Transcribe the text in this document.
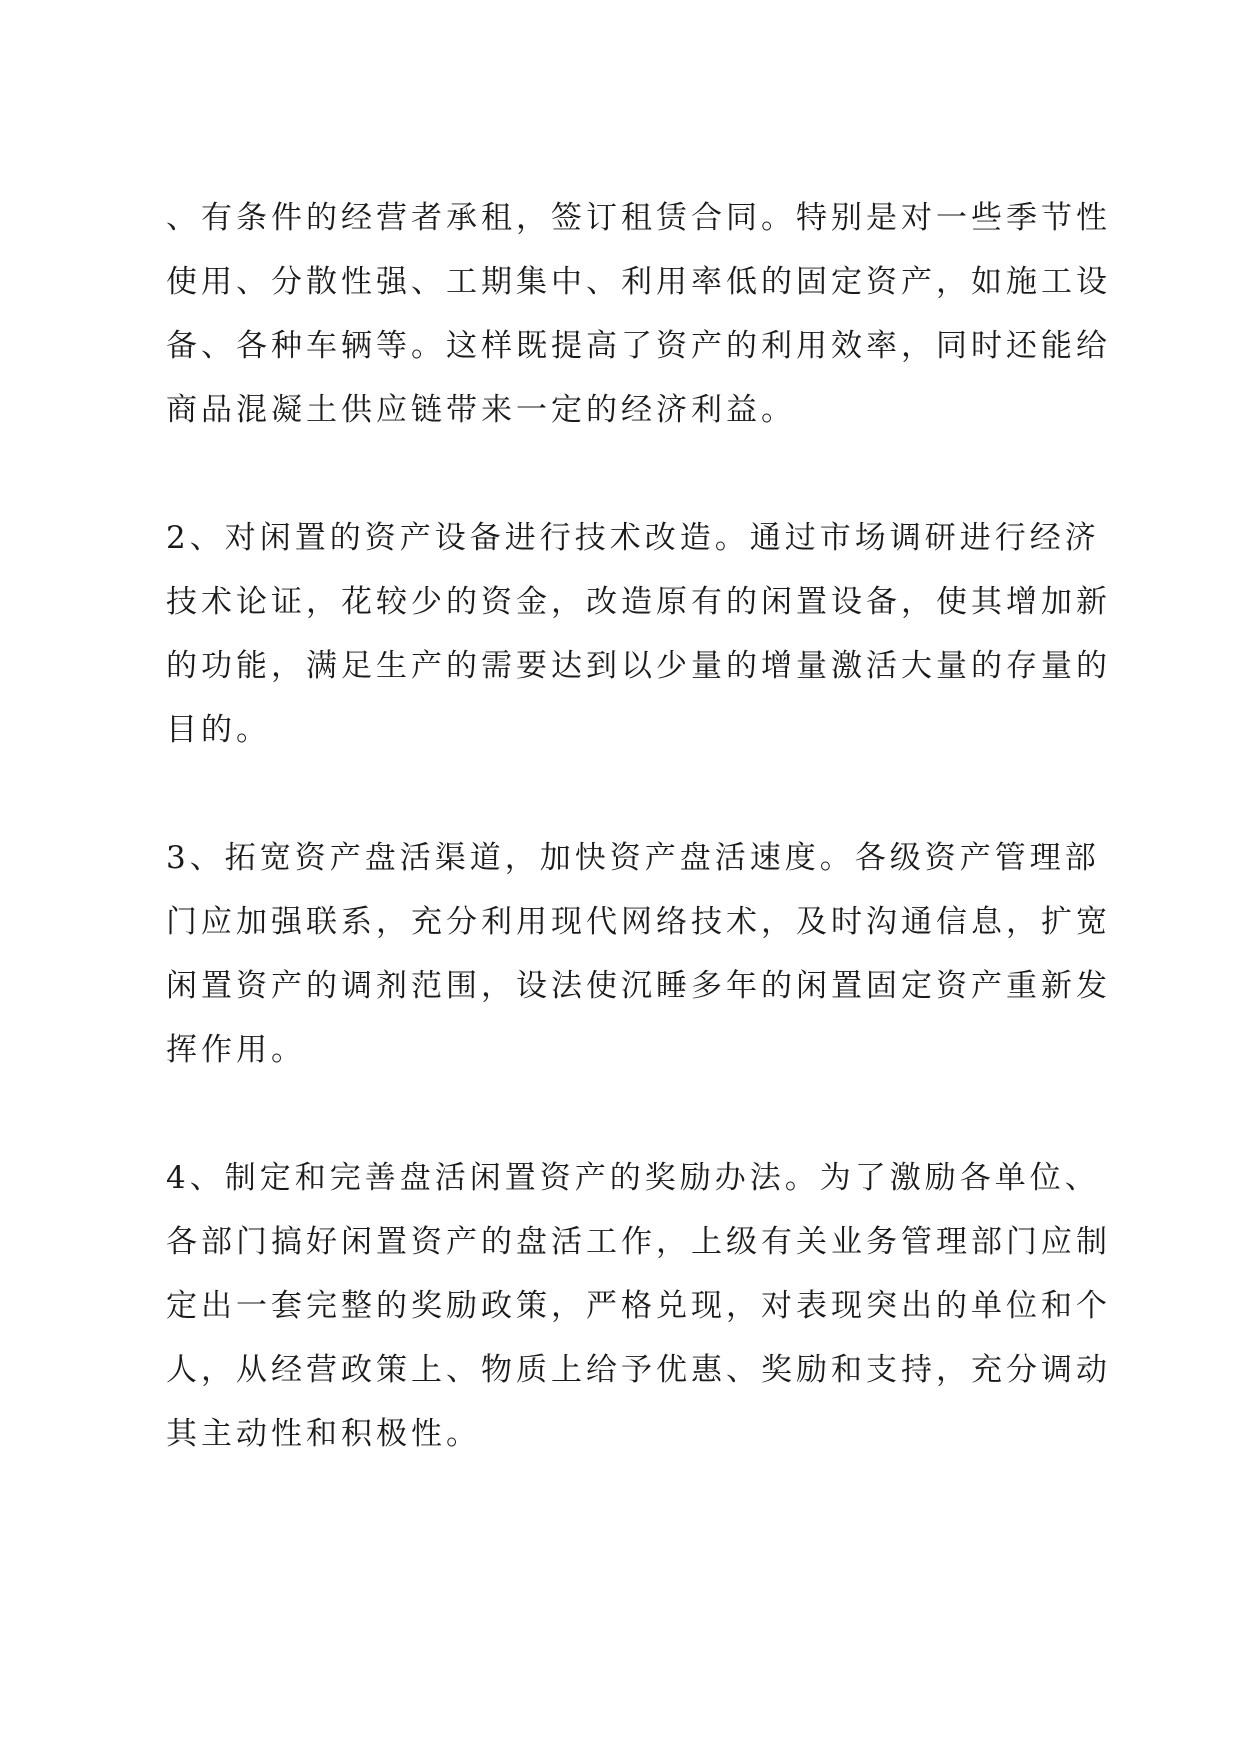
、有条件的经营者承租，签订租赁合同。特别是对一些季节性
使用、分散性强、工期集中、利用率低的固定资产，如施工设
备、各种车辆等。这样既提高了资产的利用效率，同时还能给
商品混凝土供应链带来一定的经济利益。
2、对闲置的资产设备进行技术改造。通过市场调研进行经济
技术论证，花较少的资金，改造原有的闲置设备，使其增加新
的功能，满足生产的需要达到以少量的增量激活大量的存量的
目的。
3、拓宽资产盘活渠道，加快资产盘活速度。各级资产管理部
门应加强联系，充分利用现代网络技术，及时沟通信息，扩宽
闲置资产的调剂范围，设法使沉睡多年的闲置固定资产重新发
挥作用。
4、制定和完善盘活闲置资产的奖励办法。为了激励各单位、
各部门搞好闲置资产的盘活工作，上级有关业务管理部门应制
定出一套完整的奖励政策，严格兑现，对表现突出的单位和个
人，从经营政策上、物质上给予优惠、奖励和支持，充分调动
其主动性和积极性。
